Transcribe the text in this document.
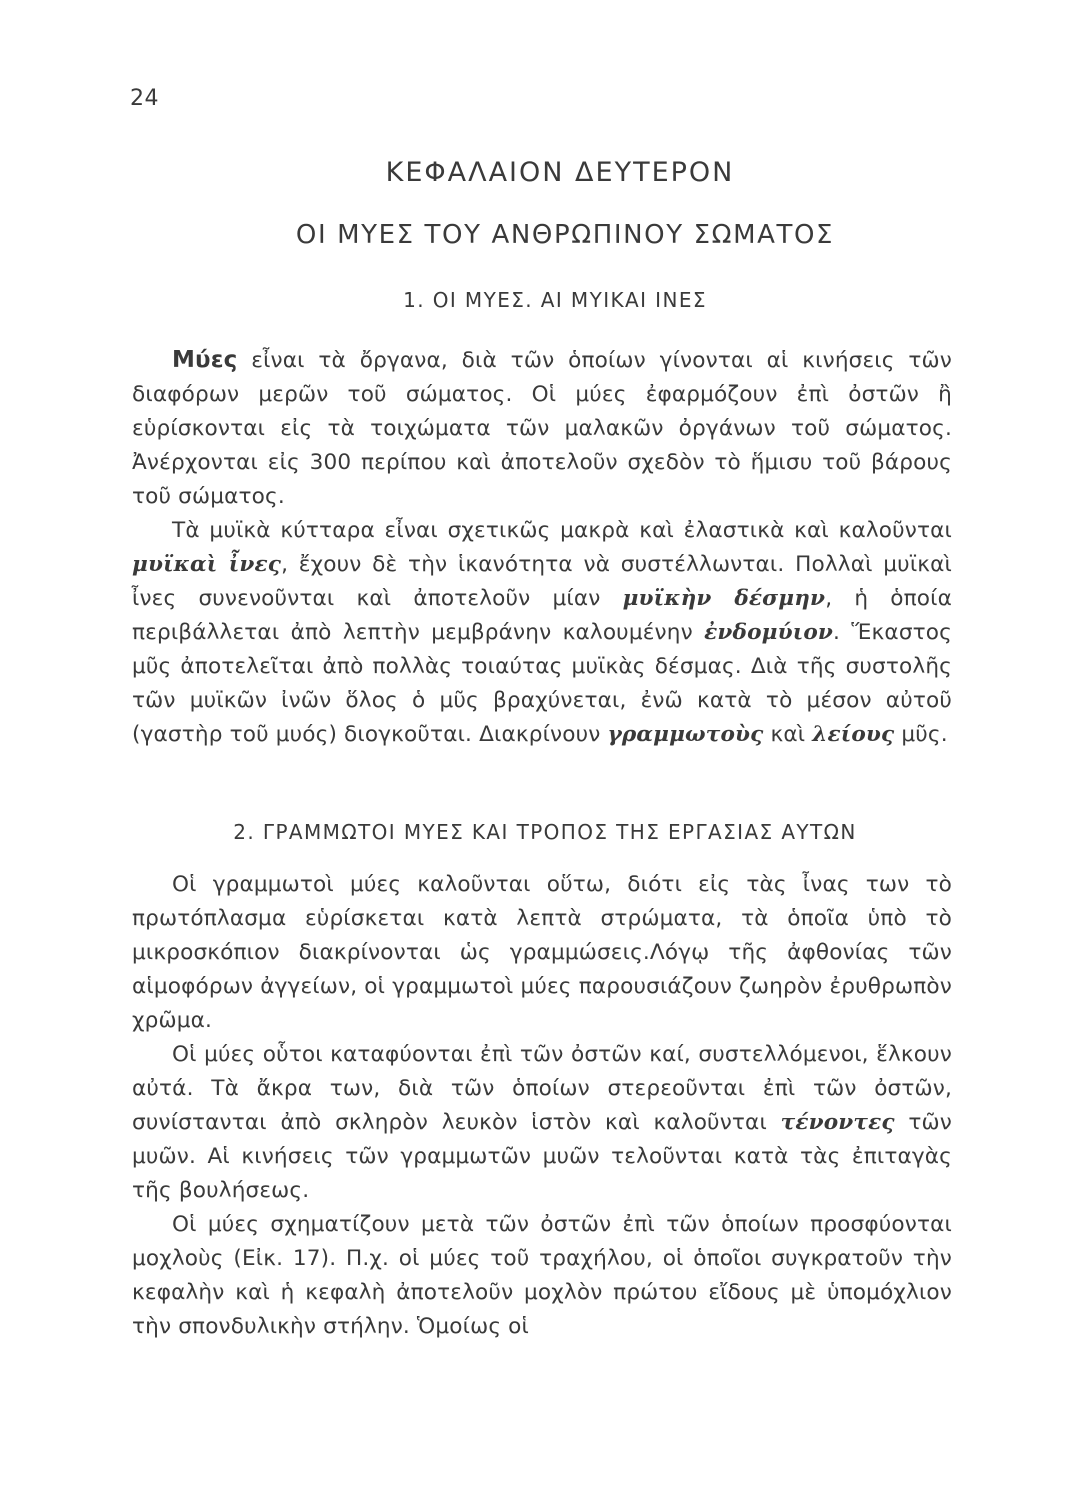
24
ΚΕΦΑΛΑΙΟΝ ΔΕΥΤΕΡΟΝ
ΟΙ ΜΥΕΣ ΤΟΥ ΑΝΘΡΩΠΙΝΟΥ ΣΩΜΑΤΟΣ
1. ΟΙ ΜΥΕΣ. ΑΙ ΜΥΙΚΑΙ ΙΝΕΣ

Μύες εἶναι τὰ ὄργανα, διὰ τῶν ὁποίων γίνονται αἱ κινήσεις τῶν διαφόρων μερῶν τοῦ σώματος. Οἱ μύες ἐφαρμόζουν ἐπὶ ὀστῶν ἢ εὑρίσκονται εἰς τὰ τοιχώματα τῶν μαλακῶν ὀργάνων τοῦ σώματος. Ἀνέρχονται εἰς 300 περίπου καὶ ἀποτελοῦν σχεδὸν τὸ ἥμισυ τοῦ βάρους τοῦ σώματος.

Τὰ μυϊκὰ κύτταρα εἶναι σχετικῶς μακρὰ καὶ ἐλαστικὰ καὶ καλοῦνται μυϊκαὶ ἶνες, ἔχουν δὲ τὴν ἱκανότητα νὰ συστέλλωνται. Πολλαὶ μυϊκαὶ ἶνες συνενοῦνται καὶ ἀποτελοῦν μίαν μυϊκὴν δέσμην, ἡ ὁποία περιβάλλεται ἀπὸ λεπτὴν μεμβράνην καλουμένην ἐνδομύιον. Ἕκαστος μῦς ἀποτελεῖται ἀπὸ πολλὰς τοιαύτας μυϊκὰς δέσμας. Διὰ τῆς συστολῆς τῶν μυϊκῶν ἰνῶν ὅλος ὁ μῦς βραχύνεται, ἐνῶ κατὰ τὸ μέσον αὐτοῦ (γαστὴρ τοῦ μυός) διογκοῦται. Διακρίνουν γραμμωτοὺς καὶ λείους μῦς.

2. ΓΡΑΜΜΩΤΟΙ ΜΥΕΣ ΚΑΙ ΤΡΟΠΟΣ ΤΗΣ ΕΡΓΑΣΙΑΣ ΑΥΤΩΝ

Οἱ γραμμωτοὶ μύες καλοῦνται οὕτω, διότι εἰς τὰς ἶνας των τὸ πρωτόπλασμα εὑρίσκεται κατὰ λεπτὰ στρώματα, τὰ ὁποῖα ὑπὸ τὸ μικροσκόπιον διακρίνονται ὡς γραμμώσεις.Λόγῳ τῆς ἀφθονίας τῶν αἱμοφόρων ἀγγείων, οἱ γραμμωτοὶ μύες παρουσιάζουν ζωηρὸν ἐρυθρωπὸν χρῶμα.

Οἱ μύες οὗτοι καταφύονται ἐπὶ τῶν ὀστῶν καί, συστελλόμενοι, ἕλκουν αὐτά. Τὰ ἄκρα των, διὰ τῶν ὁποίων στερεοῦνται ἐπὶ τῶν ὀστῶν, συνίστανται ἀπὸ σκληρὸν λευκὸν ἱστὸν καὶ καλοῦνται τένοντες τῶν μυῶν. Αἱ κινήσεις τῶν γραμμωτῶν μυῶν τελοῦνται κατὰ τὰς ἐπιταγὰς τῆς βουλήσεως.

Οἱ μύες σχηματίζουν μετὰ τῶν ὀστῶν ἐπὶ τῶν ὁποίων προσφύονται μοχλοὺς (Εἰκ. 17). Π.χ. οἱ μύες τοῦ τραχήλου, οἱ ὁποῖοι συγκρατοῦν τὴν κεφαλὴν καὶ ἡ κεφαλὴ ἀποτελοῦν μοχλὸν πρώτου εἴδους μὲ ὑπομόχλιον τὴν σπονδυλικὴν στήλην. Ὁμοίως οἱ
